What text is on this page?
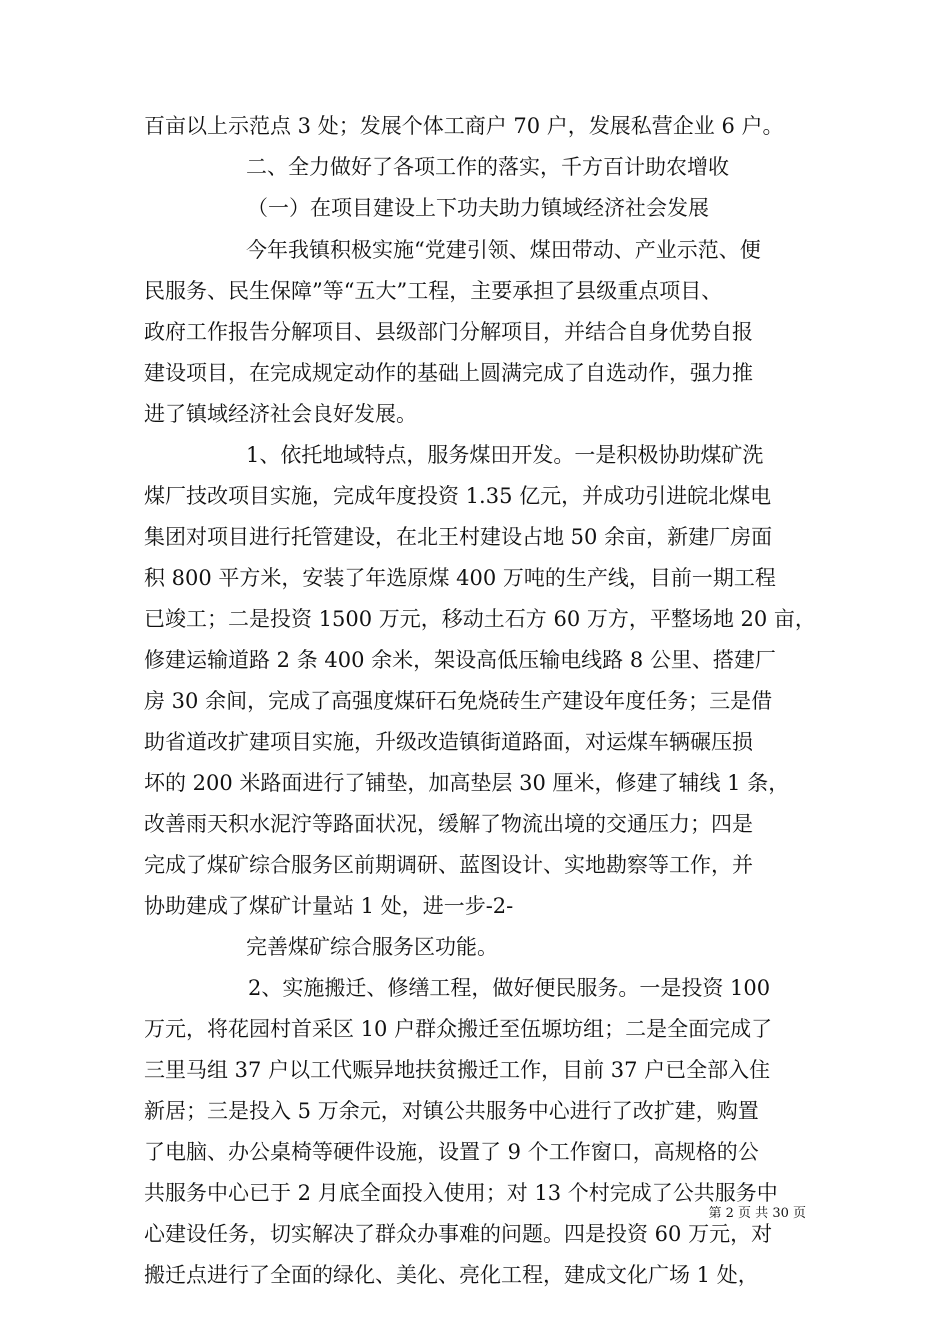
百亩以上示范点 3 处；发展个体工商户 70 户，发展私营企业 6 户。

二、全力做好了各项工作的落实，千方百计助农增收

（一）在项目建设上下功夫助力镇域经济社会发展

今年我镇积极实施“党建引领、煤田带动、产业示范、便

民服务、民生保障”等“五大”工程，主要承担了县级重点项目、

政府工作报告分解项目、县级部门分解项目，并结合自身优势自报

建设项目，在完成规定动作的基础上圆满完成了自选动作，强力推

进了镇域经济社会良好发展。

1、依托地域特点，服务煤田开发。一是积极协助煤矿洗

煤厂技改项目实施，完成年度投资 1.35 亿元，并成功引进皖北煤电

集团对项目进行托管建设，在北王村建设占地 50 余亩，新建厂房面

积 800 平方米，安装了年选原煤 400 万吨的生产线，目前一期工程

已竣工；二是投资 1500 万元，移动土石方 60 万方，平整场地 20 亩，

修建运输道路 2 条 400 余米，架设高低压输电线路 8 公里、搭建厂

房 30 余间，完成了高强度煤矸石免烧砖生产建设年度任务；三是借

助省道改扩建项目实施，升级改造镇街道路面，对运煤车辆碾压损

坏的 200 米路面进行了铺垫，加高垫层 30 厘米，修建了辅线 1 条，

改善雨天积水泥泞等路面状况，缓解了物流出境的交通压力；四是

完成了煤矿综合服务区前期调研、蓝图设计、实地勘察等工作，并

协助建成了煤矿计量站 1 处，进一步-2-

完善煤矿综合服务区功能。

2、实施搬迁、修缮工程，做好便民服务。一是投资 100

万元，将花园村首采区 10 户群众搬迁至伍塬坊组；二是全面完成了

三里马组 37 户以工代赈异地扶贫搬迁工作，目前 37 户已全部入住

新居；三是投入 5 万余元，对镇公共服务中心进行了改扩建，购置

了电脑、办公桌椅等硬件设施，设置了 9 个工作窗口，高规格的公

共服务中心已于 2 月底全面投入使用；对 13 个村完成了公共服务中

心建设任务，切实解决了群众办事难的问题。四是投资 60 万元，对

搬迁点进行了全面的绿化、美化、亮化工程，建成文化广场 1 处，

第 2 页 共 30 页
